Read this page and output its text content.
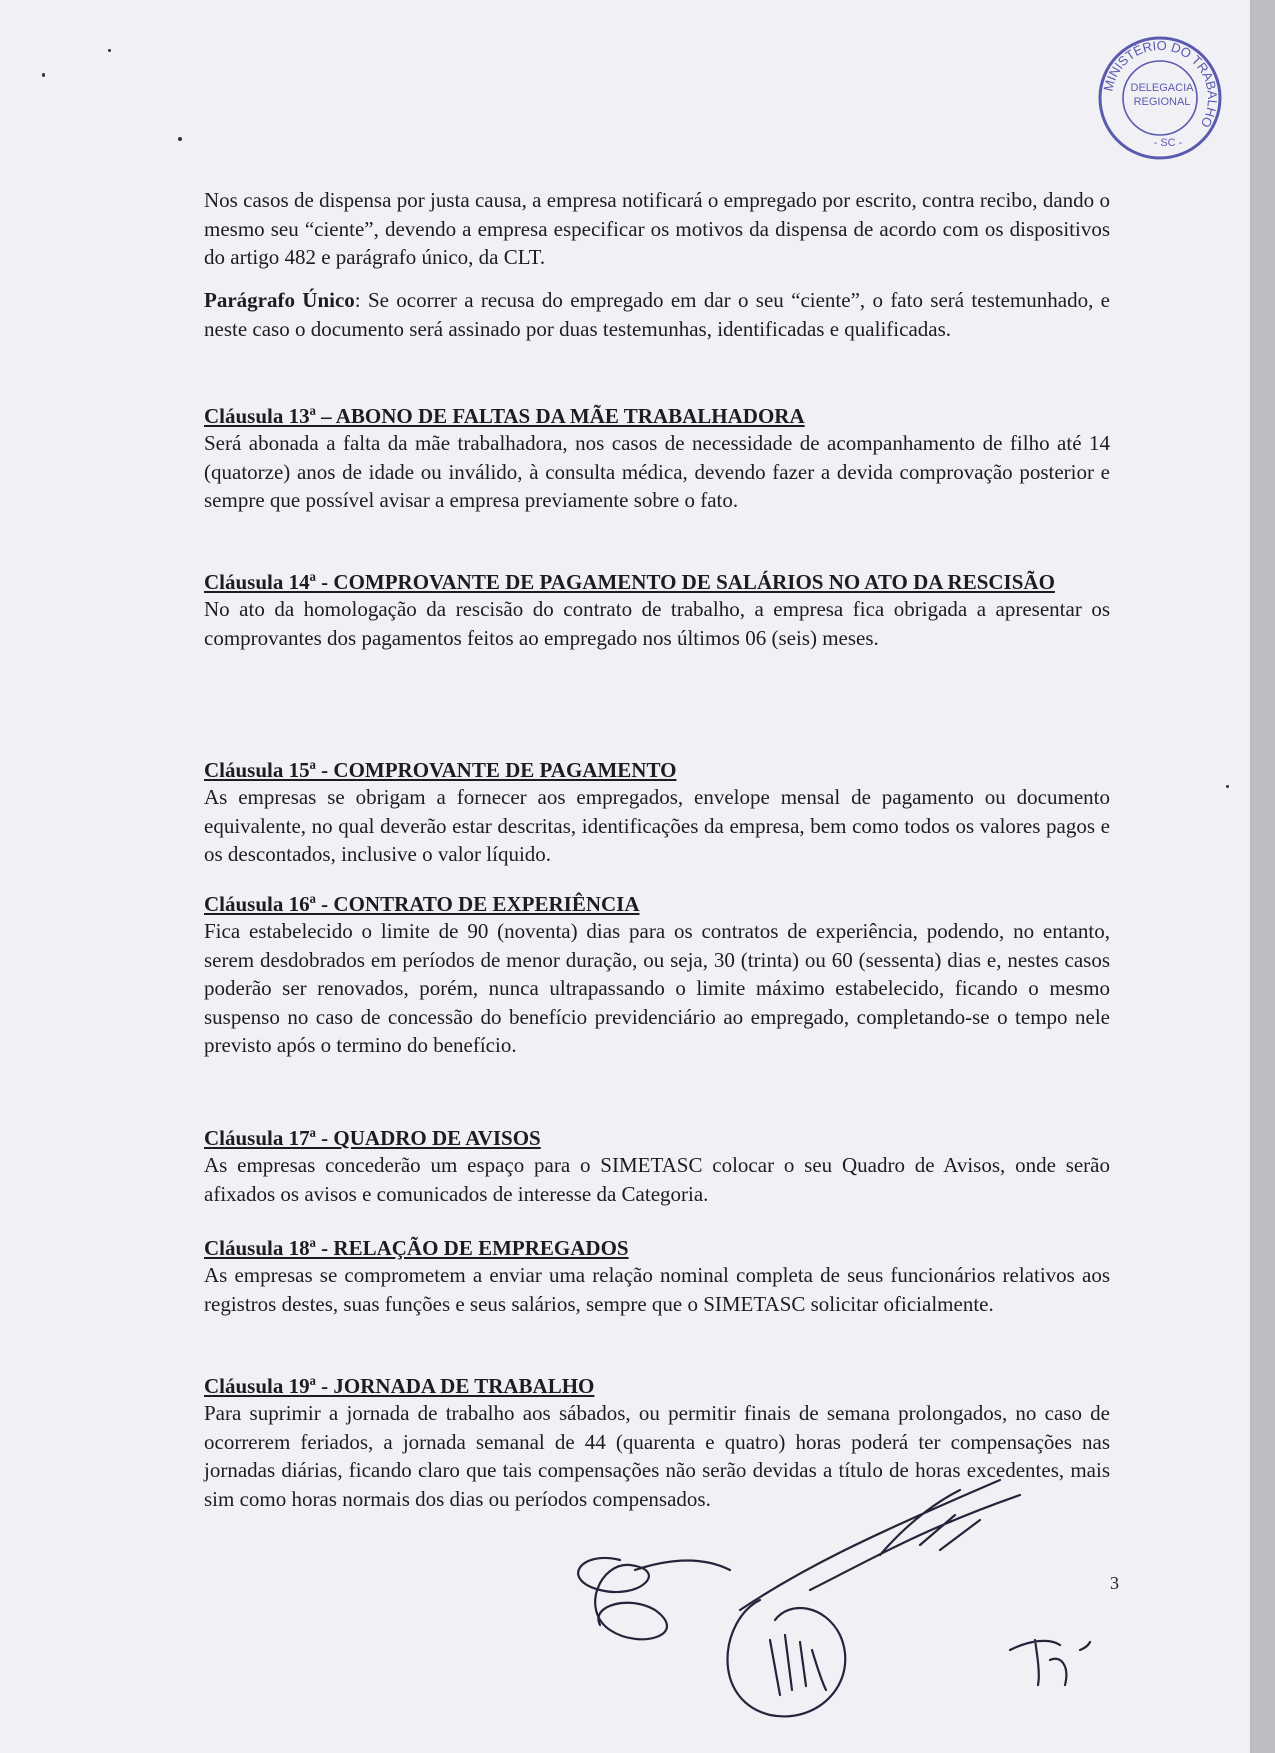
MINISTÉRIO DO TRABALHO
DELEGACIA
REGIONAL
- SC -

Nos casos de dispensa por justa causa, a empresa notificará o empregado por escrito, contra recibo, dando o mesmo seu “ciente”, devendo a empresa especificar os motivos da dispensa de acordo com os dispositivos do artigo 482 e parágrafo único, da CLT.

Parágrafo Único: Se ocorrer a recusa do empregado em dar o seu “ciente”, o fato será testemunhado, e neste caso o documento será assinado por duas testemunhas, identificadas e qualificadas.

Cláusula 13ª – ABONO DE FALTAS DA MÃE TRABALHADORA

Será abonada a falta da mãe trabalhadora, nos casos de necessidade de acompanhamento de filho até 14 (quatorze) anos de idade ou inválido, à consulta médica, devendo fazer a devida comprovação posterior e sempre que possível avisar a empresa previamente sobre o fato.

Cláusula 14ª - COMPROVANTE DE PAGAMENTO DE SALÁRIOS NO ATO DA RESCISÃO

No ato da homologação da rescisão do contrato de trabalho, a empresa fica obrigada a apresentar os comprovantes dos pagamentos feitos ao empregado nos últimos 06 (seis) meses.

Cláusula 15ª - COMPROVANTE DE PAGAMENTO

As empresas se obrigam a fornecer aos empregados, envelope mensal de pagamento ou documento equivalente, no qual deverão estar descritas, identificações da empresa, bem como todos os valores pagos e os descontados, inclusive o valor líquido.

Cláusula 16ª - CONTRATO DE EXPERIÊNCIA

Fica estabelecido o limite de 90 (noventa) dias para os contratos de experiência, podendo, no entanto, serem desdobrados em períodos de menor duração, ou seja, 30 (trinta) ou 60 (sessenta) dias e, nestes casos poderão ser renovados, porém, nunca ultrapassando o limite máximo estabelecido, ficando o mesmo suspenso no caso de concessão do benefício previdenciário ao empregado, completando-se o tempo nele previsto após o termino do benefício.

Cláusula 17ª - QUADRO DE AVISOS

As empresas concederão um espaço para o SIMETASC colocar o seu Quadro de Avisos, onde serão afixados os avisos e comunicados de interesse da Categoria.

Cláusula 18ª - RELAÇÃO DE EMPREGADOS

As empresas se comprometem a enviar uma relação nominal completa de seus funcionários relativos aos registros destes, suas funções e seus salários, sempre que o SIMETASC solicitar oficialmente.

Cláusula 19ª - JORNADA DE TRABALHO

Para suprimir a jornada de trabalho aos sábados, ou permitir finais de semana prolongados, no caso de ocorrerem feriados, a jornada semanal de 44 (quarenta e quatro) horas poderá ter compensações nas jornadas diárias, ficando claro que tais compensações não serão devidas a título de horas excedentes, mais sim como horas normais dos dias ou períodos compensados.

3
